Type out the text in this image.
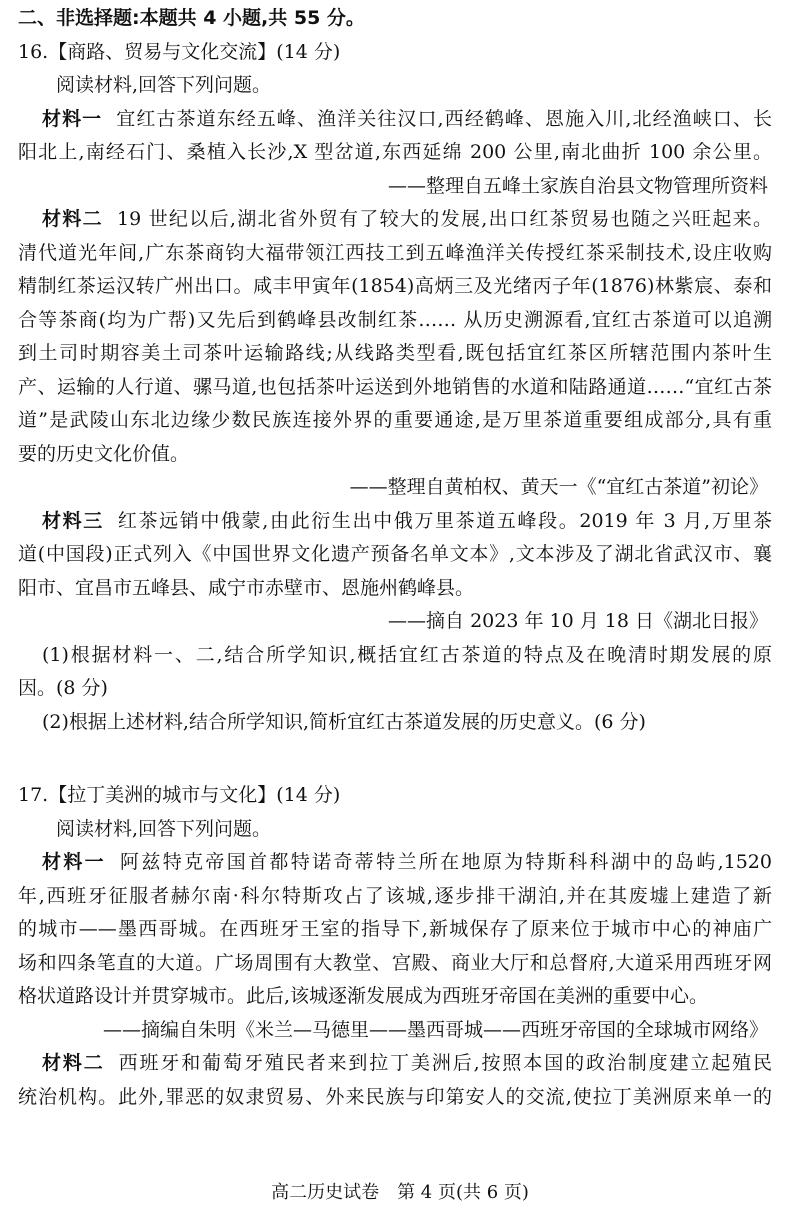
二、非选择题:本题共 4 小题,共 55 分。
16.【商路、贸易与文化交流】(14 分)
阅读材料,回答下列问题。
材料一 宜红古茶道东经五峰、渔洋关往汉口,西经鹤峰、恩施入川,北经渔峡口、长
阳北上,南经石门、桑植入长沙,X 型岔道,东西延绵 200 公里,南北曲折 100 余公里。
——整理自五峰土家族自治县文物管理所资料
材料二 19 世纪以后,湖北省外贸有了较大的发展,出口红茶贸易也随之兴旺起来。
清代道光年间,广东茶商钧大福带领江西技工到五峰渔洋关传授红茶采制技术,设庄收购
精制红茶运汉转广州出口。咸丰甲寅年(1854)高炳三及光绪丙子年(1876)林紫宸、泰和
合等茶商(均为广帮)又先后到鹤峰县改制红茶…… 从历史溯源看,宜红古茶道可以追溯
到土司时期容美土司茶叶运输路线;从线路类型看,既包括宜红茶区所辖范围内茶叶生
产、运输的人行道、骡马道,也包括茶叶运送到外地销售的水道和陆路通道……“宜红古茶
道”是武陵山东北边缘少数民族连接外界的重要通途,是万里茶道重要组成部分,具有重
要的历史文化价值。
——整理自黄柏权、黄天一《“宜红古茶道”初论》
材料三 红茶远销中俄蒙,由此衍生出中俄万里茶道五峰段。2019 年 3 月,万里茶
道(中国段)正式列入《中国世界文化遗产预备名单文本》,文本涉及了湖北省武汉市、襄
阳市、宜昌市五峰县、咸宁市赤壁市、恩施州鹤峰县。
——摘自 2023 年 10 月 18 日《湖北日报》
(1)根据材料一、二,结合所学知识,概括宜红古茶道的特点及在晚清时期发展的原
因。(8 分)
(2)根据上述材料,结合所学知识,简析宜红古茶道发展的历史意义。(6 分)
17.【拉丁美洲的城市与文化】(14 分)
阅读材料,回答下列问题。
材料一 阿兹特克帝国首都特诺奇蒂特兰所在地原为特斯科科湖中的岛屿,1520
年,西班牙征服者赫尔南·科尔特斯攻占了该城,逐步排干湖泊,并在其废墟上建造了新
的城市——墨西哥城。在西班牙王室的指导下,新城保存了原来位于城市中心的神庙广
场和四条笔直的大道。广场周围有大教堂、宫殿、商业大厅和总督府,大道采用西班牙网
格状道路设计并贯穿城市。此后,该城逐渐发展成为西班牙帝国在美洲的重要中心。
——摘编自朱明《米兰—马德里——墨西哥城——西班牙帝国的全球城市网络》
材料二 西班牙和葡萄牙殖民者来到拉丁美洲后,按照本国的政治制度建立起殖民
统治机构。此外,罪恶的奴隶贸易、外来民族与印第安人的交流,使拉丁美洲原来单一的
高二历史试卷　第 4 页(共 6 页)
